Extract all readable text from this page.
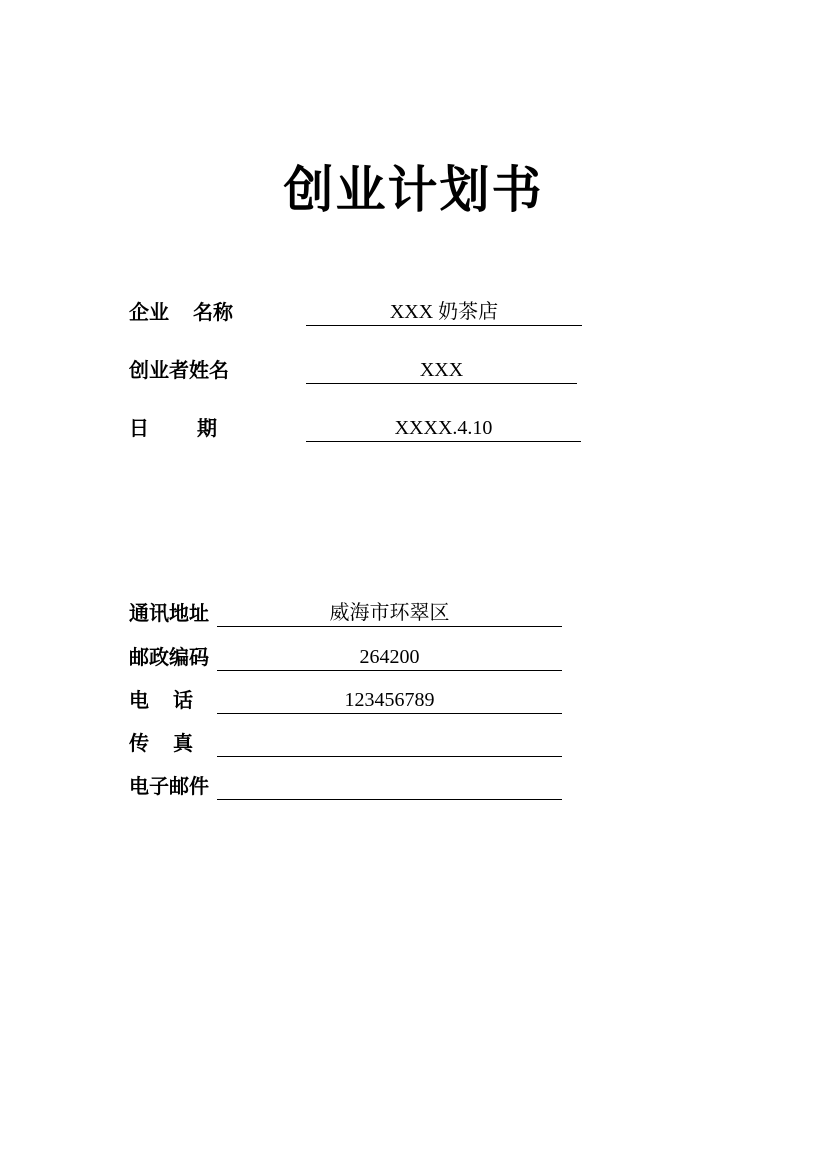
创业计划书
企业 名称	XXX 奶茶店
创业者姓名	XXX
日 期	XXXX.4.10
通讯地址	威海市环翠区
邮政编码	264200
电 话	123456789
传 真
电子邮件
